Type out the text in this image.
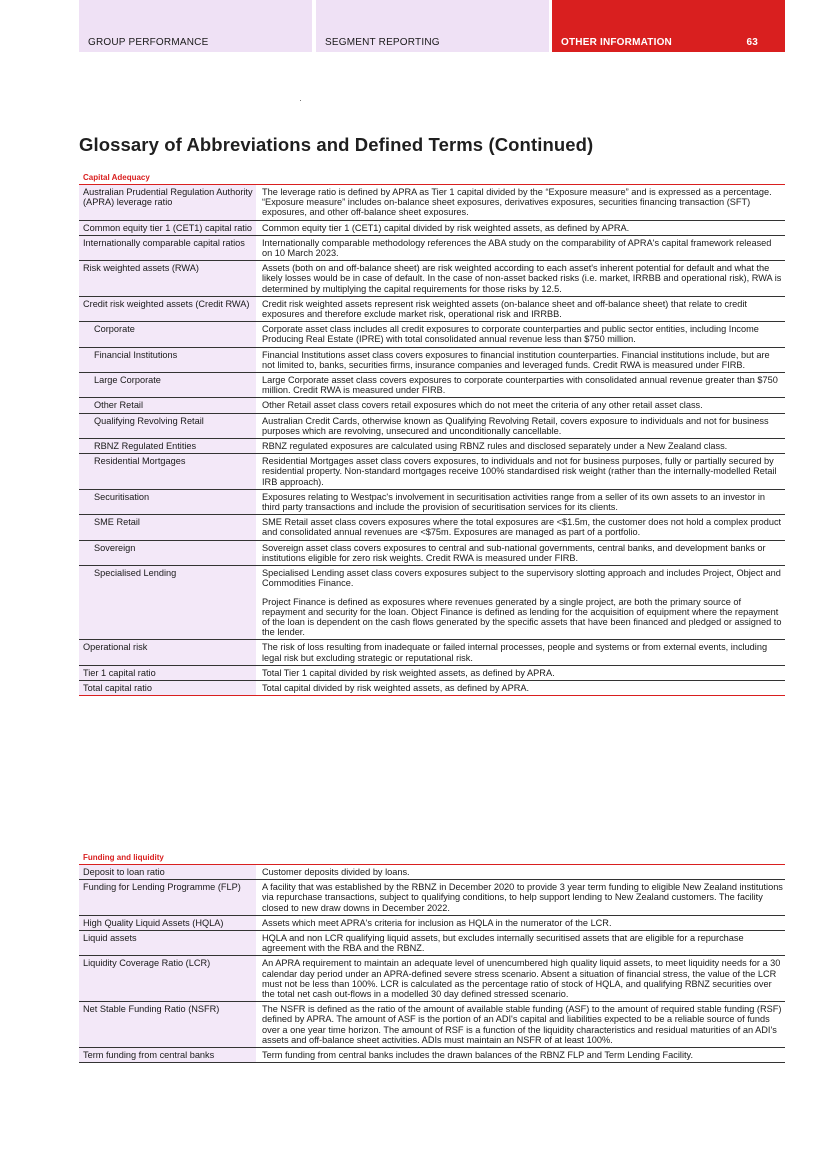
GROUP PERFORMANCE	SEGMENT REPORTING	OTHER INFORMATION	63
Glossary of Abbreviations and Defined Terms (Continued)
Capital Adequacy
Australian Prudential Regulation Authority (APRA) leverage ratio	The leverage ratio is defined by APRA as Tier 1 capital divided by the “Exposure measure” and is expressed as a percentage. “Exposure measure” includes on-balance sheet exposures, derivatives exposures, securities financing transaction (SFT) exposures, and other off-balance sheet exposures.

Common equity tier 1 (CET1) capital ratio	Common equity tier 1 (CET1) capital divided by risk weighted assets, as defined by APRA.

Internationally comparable capital ratios	Internationally comparable methodology references the ABA study on the comparability of APRA's capital framework released on 10 March 2023.

Risk weighted assets (RWA)	Assets (both on and off-balance sheet) are risk weighted according to each asset's inherent potential for default and what the likely losses would be in case of default. In the case of non-asset backed risks (i.e. market, IRRBB and operational risk), RWA is determined by multiplying the capital requirements for those risks by 12.5.

Credit risk weighted assets (Credit RWA)	Credit risk weighted assets represent risk weighted assets (on-balance sheet and off-balance sheet) that relate to credit exposures and therefore exclude market risk, operational risk and IRRBB.

Corporate	Corporate asset class includes all credit exposures to corporate counterparties and public sector entities, including Income Producing Real Estate (IPRE) with total consolidated annual revenue less than $750 million.

Financial Institutions	Financial Institutions asset class covers exposures to financial institution counterparties. Financial institutions include, but are not limited to, banks, securities firms, insurance companies and leveraged funds. Credit RWA is measured under FIRB.

Large Corporate	Large Corporate asset class covers exposures to corporate counterparties with consolidated annual revenue greater than $750 million. Credit RWA is measured under FIRB.

Other Retail	Other Retail asset class covers retail exposures which do not meet the criteria of any other retail asset class.

Qualifying Revolving Retail	Australian Credit Cards, otherwise known as Qualifying Revolving Retail, covers exposure to individuals and not for business purposes which are revolving, unsecured and unconditionally cancellable.

RBNZ Regulated Entities	RBNZ regulated exposures are calculated using RBNZ rules and disclosed separately under a New Zealand class.

Residential Mortgages	Residential Mortgages asset class covers exposures, to individuals and not for business purposes, fully or partially secured by residential property. Non-standard mortgages receive 100% standardised risk weight (rather than the internally-modelled Retail IRB approach).

Securitisation	Exposures relating to Westpac's involvement in securitisation activities range from a seller of its own assets to an investor in third party transactions and include the provision of securitisation services for its clients.

SME Retail	SME Retail asset class covers exposures where the total exposures are <$1.5m, the customer does not hold a complex product and consolidated annual revenues are <$75m. Exposures are managed as part of a portfolio.

Sovereign	Sovereign asset class covers exposures to central and sub-national governments, central banks, and development banks or institutions eligible for zero risk weights. Credit RWA is measured under FIRB.

Specialised Lending	Specialised Lending asset class covers exposures subject to the supervisory slotting approach and includes Project, Object and Commodities Finance.

Project Finance is defined as exposures where revenues generated by a single project, are both the primary source of repayment and security for the loan. Object Finance is defined as lending for the acquisition of equipment where the repayment of the loan is dependent on the cash flows generated by the specific assets that have been financed and pledged or assigned to the lender.

Operational risk	The risk of loss resulting from inadequate or failed internal processes, people and systems or from external events, including legal risk but excluding strategic or reputational risk.

Tier 1 capital ratio	Total Tier 1 capital divided by risk weighted assets, as defined by APRA.

Total capital ratio	Total capital divided by risk weighted assets, as defined by APRA.

Funding and liquidity
Deposit to loan ratio	Customer deposits divided by loans.

Funding for Lending Programme (FLP)	A facility that was established by the RBNZ in December 2020 to provide 3 year term funding to eligible New Zealand institutions via repurchase transactions, subject to qualifying conditions, to help support lending to New Zealand customers. The facility closed to new draw downs in December 2022.

High Quality Liquid Assets (HQLA)	Assets which meet APRA's criteria for inclusion as HQLA in the numerator of the LCR.

Liquid assets	HQLA and non LCR qualifying liquid assets, but excludes internally securitised assets that are eligible for a repurchase agreement with the RBA and the RBNZ.

Liquidity Coverage Ratio (LCR)	An APRA requirement to maintain an adequate level of unencumbered high quality liquid assets, to meet liquidity needs for a 30 calendar day period under an APRA-defined severe stress scenario. Absent a situation of financial stress, the value of the LCR must not be less than 100%. LCR is calculated as the percentage ratio of stock of HQLA, and qualifying RBNZ securities over the total net cash out-flows in a modelled 30 day defined stressed scenario.

Net Stable Funding Ratio (NSFR)	The NSFR is defined as the ratio of the amount of available stable funding (ASF) to the amount of required stable funding (RSF) defined by APRA. The amount of ASF is the portion of an ADI's capital and liabilities expected to be a reliable source of funds over a one year time horizon. The amount of RSF is a function of the liquidity characteristics and residual maturities of an ADI's assets and off-balance sheet activities. ADIs must maintain an NSFR of at least 100%.

Term funding from central banks	Term funding from central banks includes the drawn balances of the RBNZ FLP and Term Lending Facility.
